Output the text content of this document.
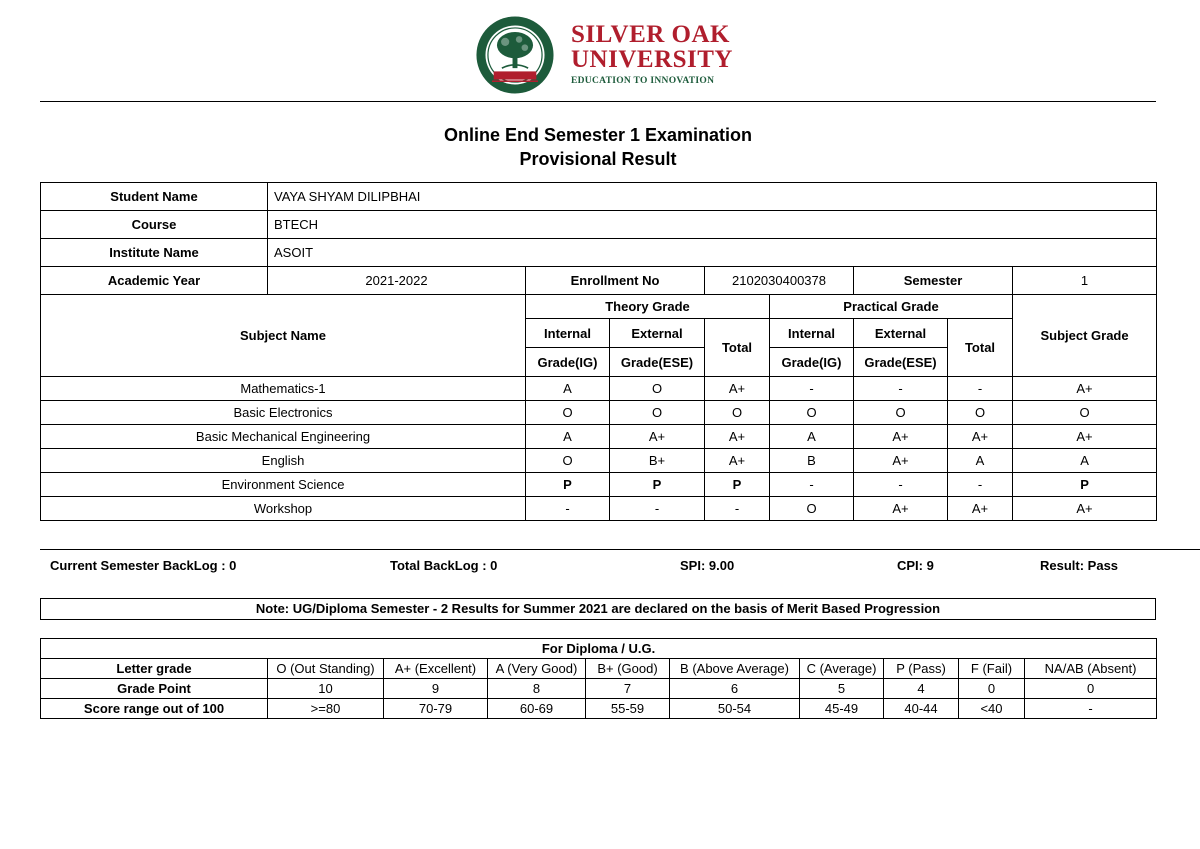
SILVER OAK
UNIVERSITY
EDUCATION TO INNOVATION
Online End Semester 1 Examination
Provisional Result
Student Name	VAYA SHYAM DILIPBHAI							
Course	BTECH							
Institute Name	ASOIT							
Academic Year	2021-2022	Enrollment No		2102030400378		Semester		1
Subject Name		Theory Grade			Practical Grade			Subject Grade
		Internal	External	Total	Internal	External	Total	
		Grade(IG)	Grade(ESE)		Grade(IG)	Grade(ESE)		
Mathematics-1		A	O	A+	-	-	-	A+
Basic Electronics		O	O	O	O	O	O	O
Basic Mechanical Engineering		A	A+	A+	A	A+	A+	A+
English		O	B+	A+	B	A+	A	A
Environment Science		P	P	P	-	-	-	P
Workshop		-	-	-	O	A+	A+	A+
Current Semester BackLog : 0	Total BackLog : 0	SPI: 9.00	CPI: 9	Result: Pass
Note: UG/Diploma Semester - 2 Results for Summer 2021 are declared on the basis of Merit Based Progression
For Diploma / U.G.									
Letter grade	O (Out Standing)	A+ (Excellent)	A (Very Good)	B+ (Good)	B (Above Average)	C (Average)	P (Pass)	F (Fail)	NA/AB (Absent)
Grade Point	10	9	8	7	6	5	4	0	0
Score range out of 100	>=80	70-79	60-69	55-59	50-54	45-49	40-44	<40	-
